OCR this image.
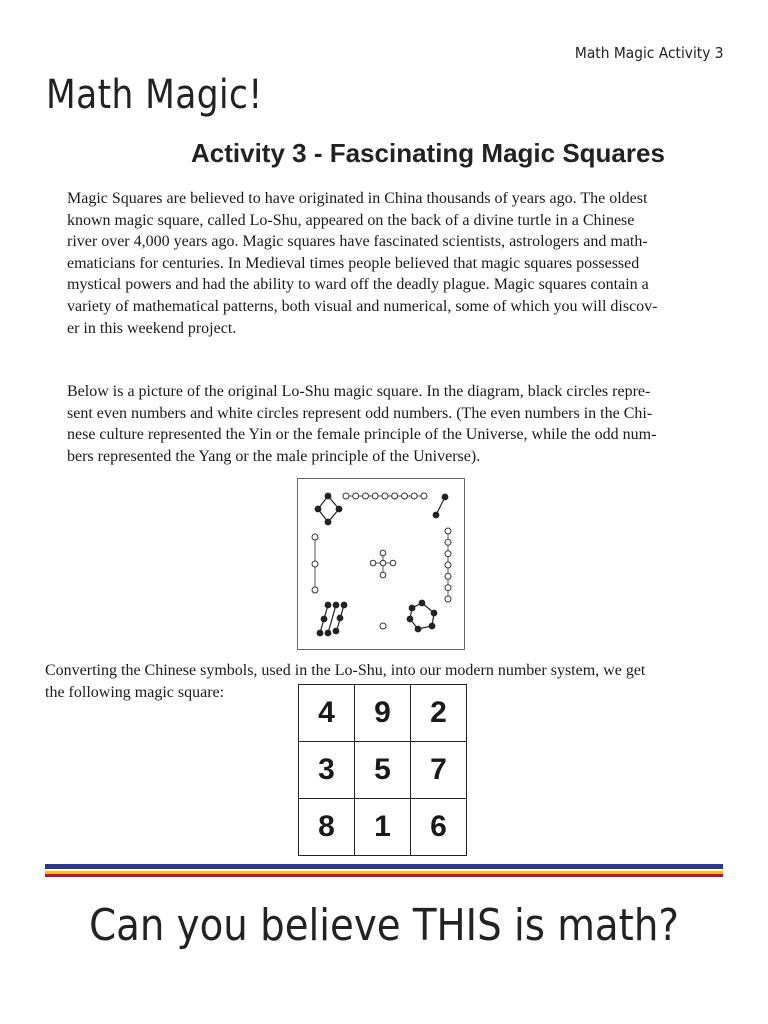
Math Magic Activity 3
Math Magic!
Activity 3 - Fascinating Magic Squares

Magic Squares are believed to have originated in China thousands of years ago. The oldest
known magic square, called Lo-Shu, appeared on the back of a divine turtle in a Chinese
river over 4,000 years ago. Magic squares have fascinated scientists, astrologers and math-
ematicians for centuries. In Medieval times people believed that magic squares possessed
mystical powers and had the ability to ward off the deadly plague. Magic squares contain a
variety of mathematical patterns, both visual and numerical, some of which you will discov-
er in this weekend project.

Below is a picture of the original Lo-Shu magic square. In the diagram, black circles repre-
sent even numbers and white circles represent odd numbers. (The even numbers in the Chi-
nese culture represented the Yin or the female principle of the Universe, while the odd num-
bers represented the Yang or the male principle of the Universe).

Converting the Chinese symbols, used in the Lo-Shu, into our modern number system, we get
the following magic square:

4	9	2
3	5	7
8	1	6
Can you believe THIS is math?
